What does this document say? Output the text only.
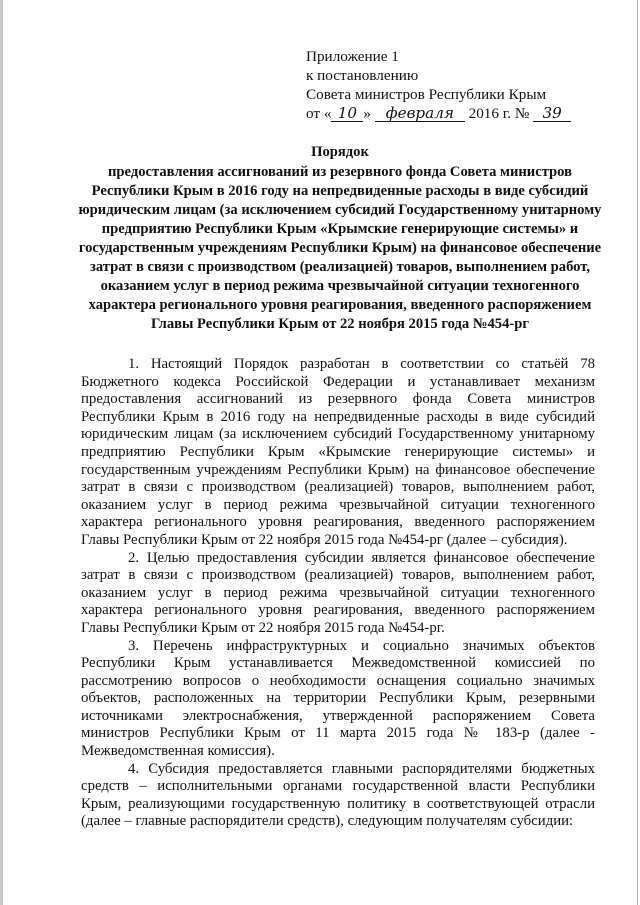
Приложение 1
к постановлению
Совета министров Республики Крым
от « 10 » февраля 2016 г. № 39
Порядок
предоставления ассигнований из резервного фонда Совета министров Республики Крым в 2016 году на непредвиденные расходы в виде субсидий юридическим лицам (за исключением субсидий Государственному унитарному предприятию Республики Крым «Крымские генерирующие системы» и государственным учреждениям Республики Крым) на финансовое обеспечение затрат в связи с производством (реализацией) товаров, выполнением работ, оказанием услуг в период режима чрезвычайной ситуации техногенного характера регионального уровня реагирования, введенного распоряжением Главы Республики Крым от 22 ноября 2015 года №454-рг

1. Настоящий Порядок разработан в соответствии со статьёй 78 Бюджетного кодекса Российской Федерации и устанавливает механизм предоставления ассигнований из резервного фонда Совета министров Республики Крым в 2016 году на непредвиденные расходы в виде субсидий юридическим лицам (за исключением субсидий Государственному унитарному предприятию Республики Крым «Крымские генерирующие системы» и государственным учреждениям Республики Крым) на финансовое обеспечение затрат в связи с производством (реализацией) товаров, выполнением работ, оказанием услуг в период режима чрезвычайной ситуации техногенного характера регионального уровня реагирования, введенного распоряжением Главы Республики Крым от 22 ноября 2015 года №454-рг (далее – субсидия).

2. Целью предоставления субсидии является финансовое обеспечение затрат в связи с производством (реализацией) товаров, выполнением работ, оказанием услуг в период режима чрезвычайной ситуации техногенного характера регионального уровня реагирования, введенного распоряжением Главы Республики Крым от 22 ноября 2015 года №454-рг.

3. Перечень инфраструктурных и социально значимых объектов Республики Крым устанавливается Межведомственной комиссией по рассмотрению вопросов о необходимости оснащения социально значимых объектов, расположенных на территории Республики Крым, резервными источниками электроснабжения, утвержденной распоряжением Совета министров Республики Крым от 11 марта 2015 года № 183-р (далее - Межведомственная комиссия).

4. Субсидия предоставляется главными распорядителями бюджетных средств – исполнительными органами государственной власти Республики Крым, реализующими государственную политику в соответствующей отрасли (далее – главные распорядители средств), следующим получателям субсидии:
